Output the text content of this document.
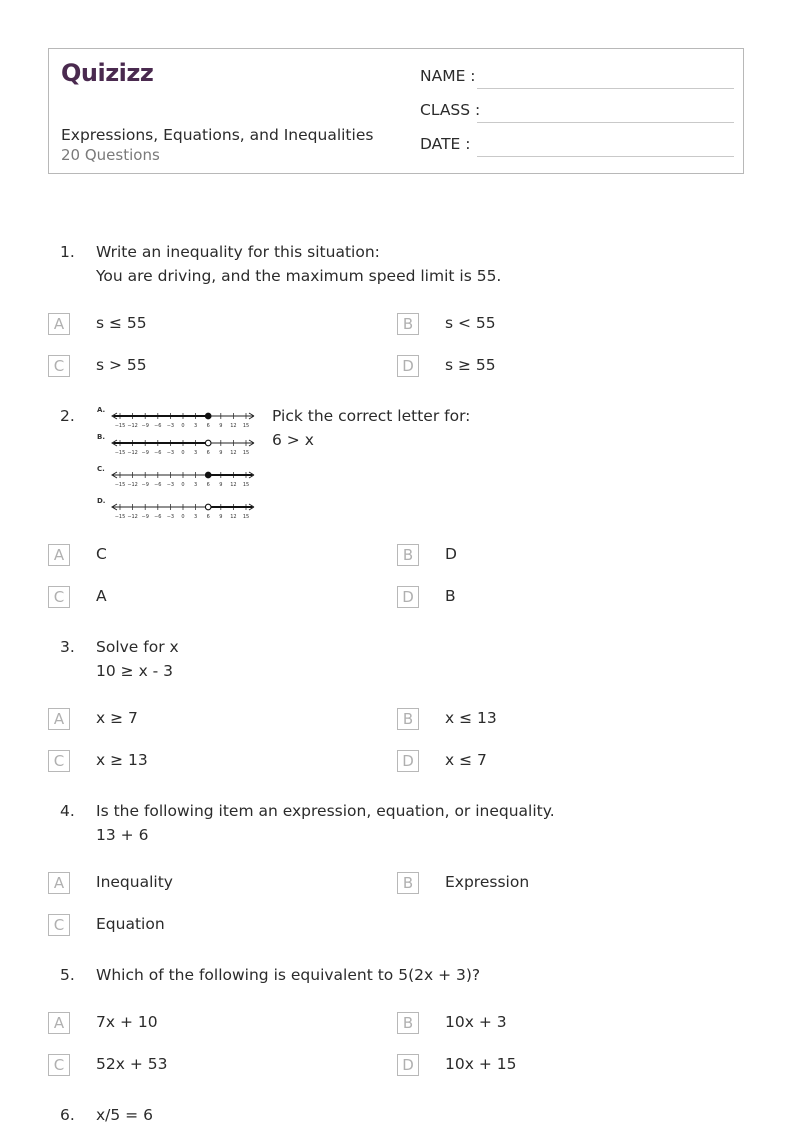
Quizizz
Expressions, Equations, and Inequalities
20 Questions
NAME :
CLASS :
DATE :
1. Write an inequality for this situation:
You are driving, and the maximum speed limit is 55.
A	s ≤ 55	B	s < 55
C	s > 55	D	s ≥ 55
2.	Pick the correct letter for:
6 > x
A.
−15 −12 −9 −6 −3 0 3 6 9 12 15
B.
−15 −12 −9 −6 −3 0 3 6 9 12 15
C.
−15 −12 −9 −6 −3 0 3 6 9 12 15
D.
−15 −12 −9 −6 −3 0 3 6 9 12 15
A	C	B	D
C	A	D	B
3. Solve for x
10 ≥ x - 3
A	x ≥ 7	B	x ≤ 13
C	x ≥ 13	D	x ≤ 7
4. Is the following item an expression, equation, or inequality.
13 + 6
A	Inequality	B	Expression
C	Equation
5. Which of the following is equivalent to 5(2x + 3)?
A	7x + 10	B	10x + 3
C	52x + 53	D	10x + 15
6. x/5 = 6
